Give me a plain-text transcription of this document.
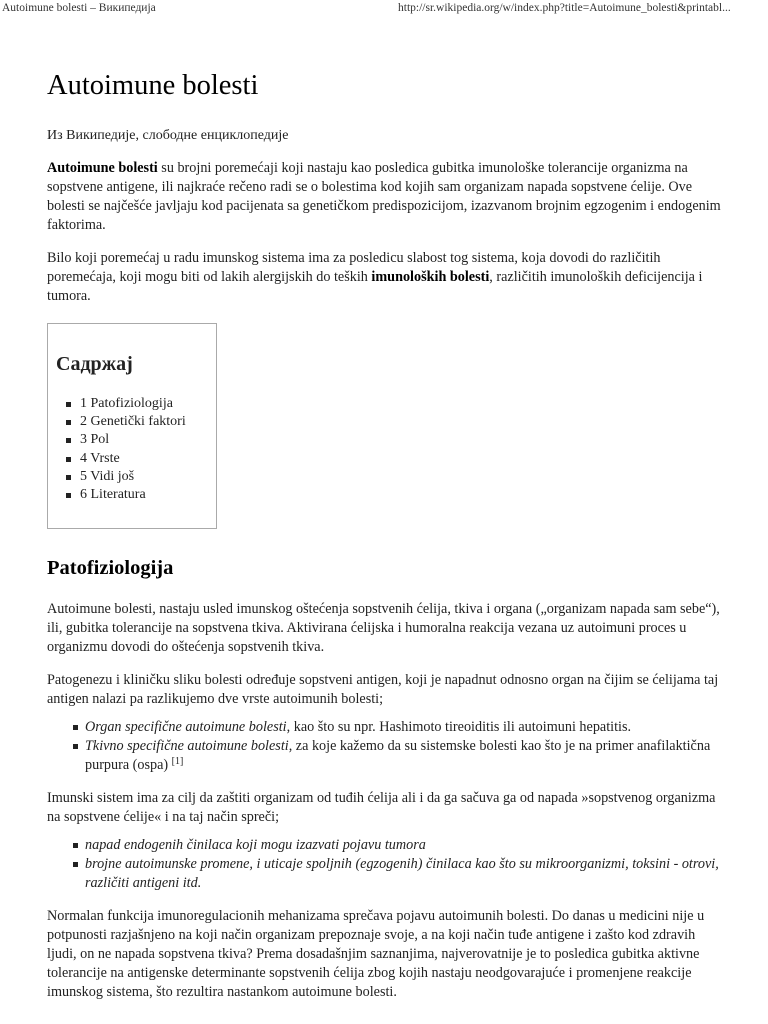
Autoimune bolesti – Википедија	http://sr.wikipedia.org/w/index.php?title=Autoimune_bolesti&printabl...
Autoimune bolesti
Из Википедије, слободне енциклопедије

Autoimune bolesti su brojni poremećaji koji nastaju kao posledica gubitka imunološke tolerancije organizma na sopstvene antigene, ili najkraće rečeno radi se o bolestima kod kojih sam organizam napada sopstvene ćelije. Ove bolesti se najčešće javljaju kod pacijenata sa genetičkom predispozicijom, izazvanom brojnim egzogenim i endogenim faktorima.

Bilo koji poremećaj u radu imunskog sistema ima za posledicu slabost tog sistema, koja dovodi do različitih poremećaja, koji mogu biti od lakih alergijskih do teških imunoloških bolesti, različitih imunoloških deficijencija i tumora.

Садржај
1 Patofiziologija
2 Genetički faktori
3 Pol
4 Vrste
5 Vidi još
6 Literatura
Patofiziologija

Autoimune bolesti, nastaju usled imunskog oštećenja sopstvenih ćelija, tkiva i organa („organizam napada sam sebe“), ili, gubitka tolerancije na sopstvena tkiva. Aktivirana ćelijska i humoralna reakcija vezana uz autoimuni proces u organizmu dovodi do oštećenja sopstvenih tkiva.

Patogenezu i kliničku sliku bolesti određuje sopstveni antigen, koji je napadnut odnosno organ na čijim se ćelijama taj antigen nalazi pa razlikujemo dve vrste autoimunih bolesti;

Organ specifične autoimune bolesti, kao što su npr. Hashimoto tireoiditis ili autoimuni hepatitis.
Tkivno specifične autoimune bolesti, za koje kažemo da su sistemske bolesti kao što je na primer anafilaktična purpura (ospa) [1]

Imunski sistem ima za cilj da zaštiti organizam od tuđih ćelija ali i da ga sačuva ga od napada »sopstvenog organizma na sopstvene ćelije« i na taj način spreči;

napad endogenih činilaca koji mogu izazvati pojavu tumora
brojne autoimunske promene, i uticaje spoljnih (egzogenih) činilaca kao što su mikroorganizmi, toksini - otrovi, različiti antigeni itd.

Normalan funkcija imunoregulacionih mehanizama sprečava pojavu autoimunih bolesti. Do danas u medicini nije u potpunosti razjašnjeno na koji način organizam prepoznaje svoje, a na koji način tuđe antigene i zašto kod zdravih ljudi, on ne napada sopstvena tkiva? Prema dosadašnjim saznanjima, najverovatnije je to posledica gubitka aktivne tolerancije na antigenske determinante sopstvenih ćelija zbog kojih nastaju neodgovarajuće i promenjene reakcije imunskog sistema, što rezultira nastankom autoimune bolesti.
